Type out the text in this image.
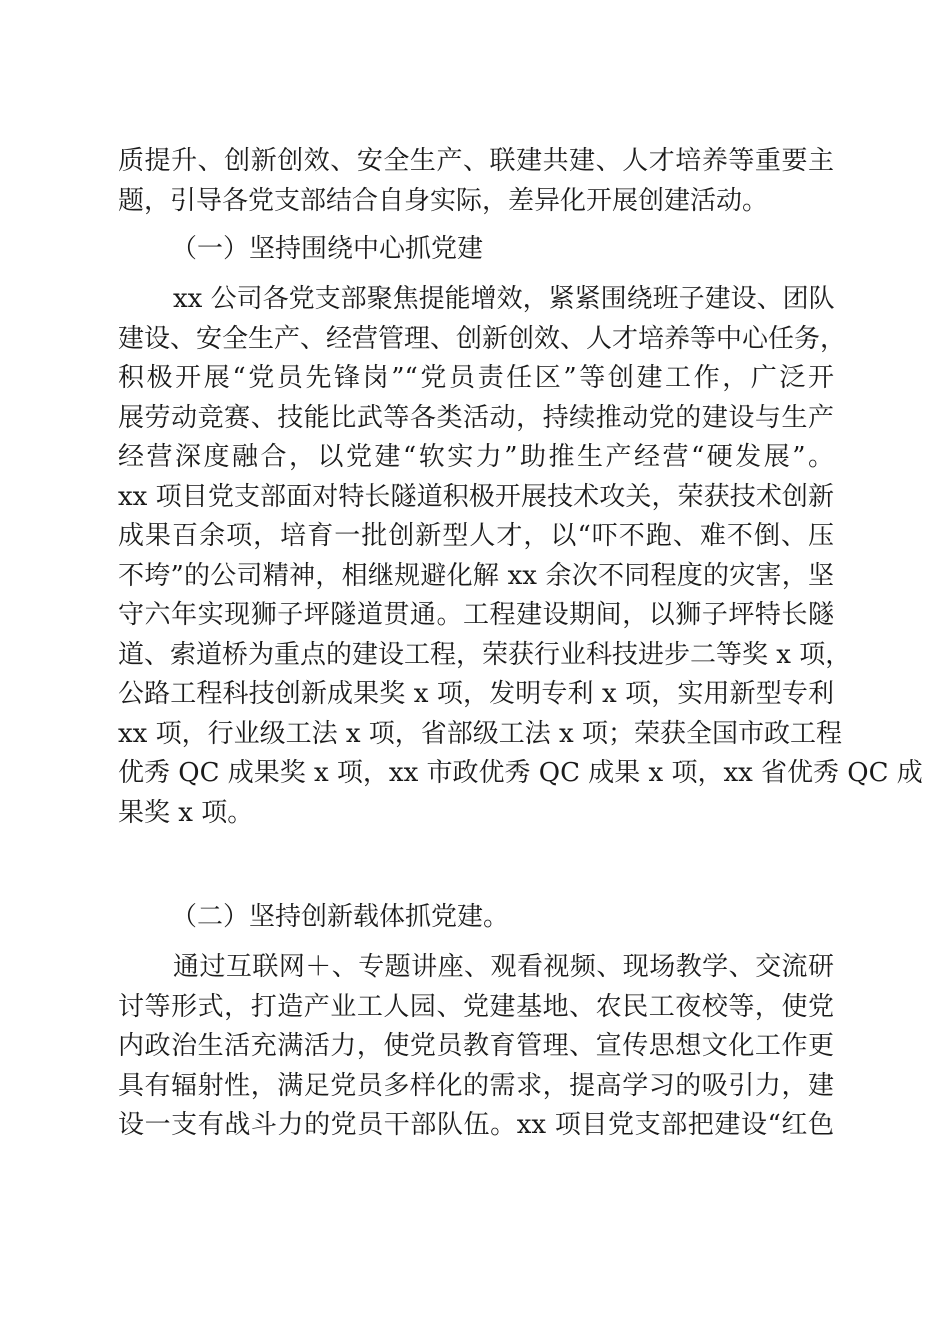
质提升、创新创效、安全生产、联建共建、人才培养等重要主
题，引导各党支部结合自身实际，差异化开展创建活动。
（一）坚持围绕中心抓党建
xx 公司各党支部聚焦提能增效，紧紧围绕班子建设、团队
建设、安全生产、经营管理、创新创效、人才培养等中心任务，
积极开展“党员先锋岗”“党员责任区”等创建工作，广泛开
展劳动竞赛、技能比武等各类活动，持续推动党的建设与生产
经营深度融合，以党建“软实力”助推生产经营“硬发展”。
xx 项目党支部面对特长隧道积极开展技术攻关，荣获技术创新
成果百余项，培育一批创新型人才，以“吓不跑、难不倒、压
不垮”的公司精神，相继规避化解 xx 余次不同程度的灾害，坚
守六年实现狮子坪隧道贯通。工程建设期间，以狮子坪特长隧
道、索道桥为重点的建设工程，荣获行业科技进步二等奖 x 项，
公路工程科技创新成果奖 x 项，发明专利 x 项，实用新型专利
xx 项，行业级工法 x 项，省部级工法 x 项；荣获全国市政工程
优秀 QC 成果奖 x 项，xx 市政优秀 QC 成果 x 项，xx 省优秀 QC 成
果奖 x 项。
（二）坚持创新载体抓党建。
通过互联网＋、专题讲座、观看视频、现场教学、交流研
讨等形式，打造产业工人园、党建基地、农民工夜校等，使党
内政治生活充满活力，使党员教育管理、宣传思想文化工作更
具有辐射性，满足党员多样化的需求，提高学习的吸引力，建
设一支有战斗力的党员干部队伍。xx 项目党支部把建设“红色
